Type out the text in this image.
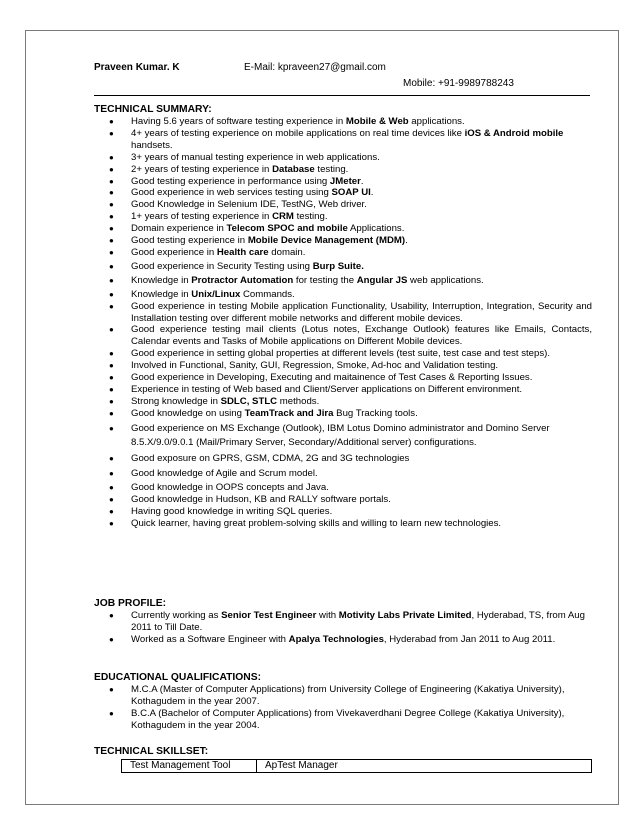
Praveen Kumar. K	E-Mail: kpraveen27@gmail.com
Mobile: +91-9989788243

TECHNICAL SUMMARY:

● Having 5.6 years of software testing experience in Mobile & Web applications.
● 4+ years of testing experience on mobile applications on real time devices like iOS & Android mobile handsets.
● 3+ years of manual testing experience in web applications.
● 2+ years of testing experience in Database testing.
● Good testing experience in performance using JMeter.
● Good experience in web services testing using SOAP UI.
● Good Knowledge in Selenium IDE, TestNG, Web driver.
● 1+ years of testing experience in CRM testing.
● Domain experience in Telecom SPOC and mobile Applications.
● Good testing experience in Mobile Device Management (MDM).
● Good experience in Health care domain.
● Good experience in Security Testing using Burp Suite.
● Knowledge in Protractor Automation for testing the Angular JS web applications.
● Knowledge in Unix/Linux Commands.
● Good experience in testing Mobile application Functionality, Usability, Interruption, Integration, Security and Installation testing over different mobile networks and different mobile devices.
● Good experience testing mail clients (Lotus notes, Exchange Outlook) features like Emails, Contacts, Calendar events and Tasks of Mobile applications on Different Mobile devices.
● Good experience in setting global properties at different levels (test suite, test case and test steps).
● Involved in Functional, Sanity, GUI, Regression, Smoke, Ad-hoc and Validation testing.
● Good experience in Developing, Executing and maitainence of Test Cases & Reporting Issues.
● Experience in testing of Web based and Client/Server applications on Different environment.
● Strong knowledge in SDLC, STLC methods.
● Good knowledge on using TeamTrack and Jira Bug Tracking tools.
● Good experience on MS Exchange (Outlook), IBM Lotus Domino administrator and Domino Server 8.5.X/9.0/9.0.1 (Mail/Primary Server, Secondary/Additional server) configurations.
● Good exposure on GPRS, GSM, CDMA, 2G and 3G technologies
● Good knowledge of Agile and Scrum model.
● Good knowledge in OOPS concepts and Java.
● Good knowledge in Hudson, KB and RALLY software portals.
● Having good knowledge in writing SQL queries.
● Quick learner, having great problem-solving skills and willing to learn new technologies.

JOB PROFILE:

● Currently working as Senior Test Engineer with Motivity Labs Private Limited, Hyderabad, TS, from Aug 2011 to Till Date.
● Worked as a Software Engineer with Apalya Technologies, Hyderabad from Jan 2011 to Aug 2011.

EDUCATIONAL QUALIFICATIONS:

● M.C.A (Master of Computer Applications) from University College of Engineering (Kakatiya University), Kothagudem in the year 2007.
● B.C.A (Bachelor of Computer Applications) from Vivekaverdhani Degree College (Kakatiya University), Kothagudem in the year 2004.

TECHNICAL SKILLSET:

Test Management Tool	ApTest Manager
